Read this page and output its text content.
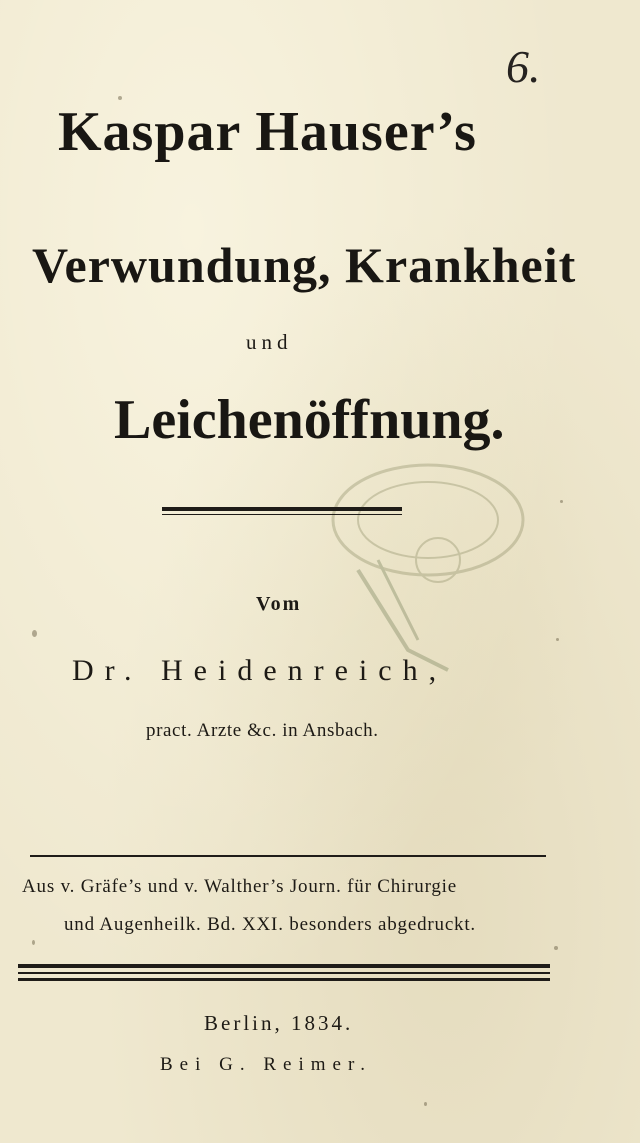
6.
Kaspar Hauser’s
Verwundung, Krankheit
und
Leichenöffnung.
Vom
Dr. Heidenreich,
pract. Arzte &c. in Ansbach.
Aus v. Gräfe’s und v. Walther’s Journ. für Chirurgie
und Augenheilk. Bd. XXI. besonders abgedruckt.
Berlin, 1834.
Bei G. Reimer.
